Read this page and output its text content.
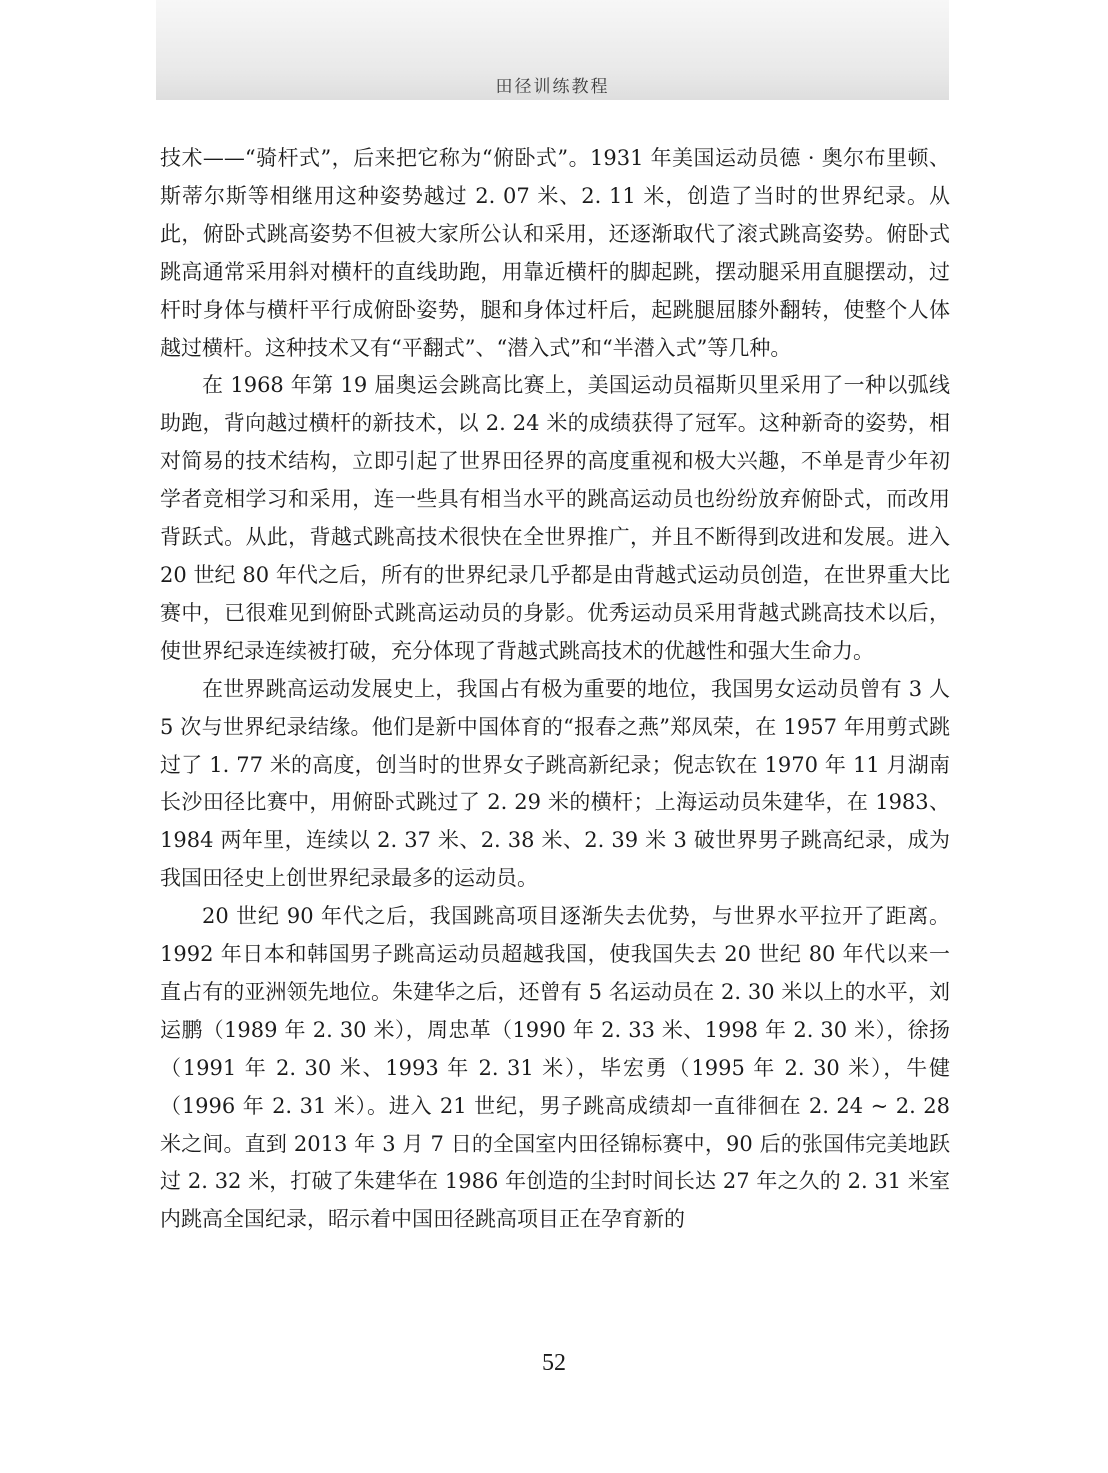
田径训练教程

技术——“骑杆式”，后来把它称为“俯卧式”。1931 年美国运动员德 · 奥尔布里顿、斯蒂尔斯等相继用这种姿势越过 2. 07 米、2. 11 米，创造了当时的世界纪录。从此，俯卧式跳高姿势不但被大家所公认和采用，还逐渐取代了滚式跳高姿势。俯卧式跳高通常采用斜对横杆的直线助跑，用靠近横杆的脚起跳，摆动腿采用直腿摆动，过杆时身体与横杆平行成俯卧姿势，腿和身体过杆后，起跳腿屈膝外翻转，使整个人体越过横杆。这种技术又有“平翻式”、“潜入式”和“半潜入式”等几种。

在 1968 年第 19 届奥运会跳高比赛上，美国运动员福斯贝里采用了一种以弧线助跑，背向越过横杆的新技术，以 2. 24 米的成绩获得了冠军。这种新奇的姿势，相对简易的技术结构，立即引起了世界田径界的高度重视和极大兴趣，不单是青少年初学者竞相学习和采用，连一些具有相当水平的跳高运动员也纷纷放弃俯卧式，而改用背跃式。从此，背越式跳高技术很快在全世界推广，并且不断得到改进和发展。进入 20 世纪 80 年代之后，所有的世界纪录几乎都是由背越式运动员创造，在世界重大比赛中，已很难见到俯卧式跳高运动员的身影。优秀运动员采用背越式跳高技术以后，使世界纪录连续被打破，充分体现了背越式跳高技术的优越性和强大生命力。

在世界跳高运动发展史上，我国占有极为重要的地位，我国男女运动员曾有 3 人 5 次与世界纪录结缘。他们是新中国体育的“报春之燕”郑凤荣，在 1957 年用剪式跳过了 1. 77 米的高度，创当时的世界女子跳高新纪录；倪志钦在 1970 年 11 月湖南长沙田径比赛中，用俯卧式跳过了 2. 29 米的横杆；上海运动员朱建华，在 1983、1984 两年里，连续以 2. 37 米、2. 38 米、2. 39 米 3 破世界男子跳高纪录，成为我国田径史上创世界纪录最多的运动员。

20 世纪 90 年代之后，我国跳高项目逐渐失去优势，与世界水平拉开了距离。1992 年日本和韩国男子跳高运动员超越我国，使我国失去 20 世纪 80 年代以来一直占有的亚洲领先地位。朱建华之后，还曾有 5 名运动员在 2. 30 米以上的水平，刘运鹏（1989 年 2. 30 米），周忠革（1990 年 2. 33 米、1998 年 2. 30 米），徐扬（1991 年 2. 30 米、1993 年 2. 31 米），毕宏勇（1995 年 2. 30 米），牛健（1996 年 2. 31 米）。进入 21 世纪，男子跳高成绩却一直徘徊在 2. 24 ~ 2. 28 米之间。直到 2013 年 3 月 7 日的全国室内田径锦标赛中，90 后的张国伟完美地跃过 2. 32 米，打破了朱建华在 1986 年创造的尘封时间长达 27 年之久的 2. 31 米室内跳高全国纪录，昭示着中国田径跳高项目正在孕育新的

52
